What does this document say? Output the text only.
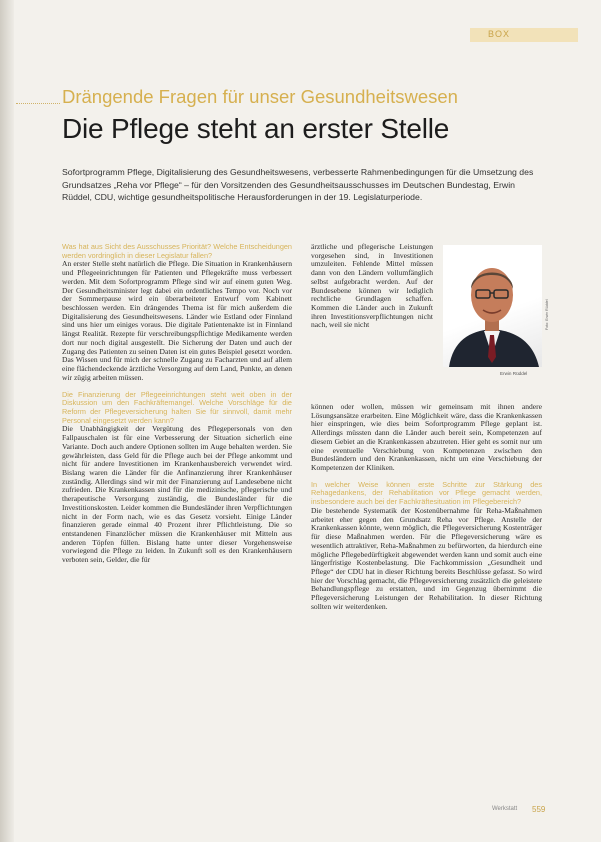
BOX
Drängende Fragen für unser Gesundheitswesen
Die Pflege steht an erster Stelle
Sofortprogramm Pflege, Digitalisierung des Gesundheitswesens, verbesserte Rahmenbedingungen für die Umsetzung des Grundsatzes „Reha vor Pflege“ – für den Vorsitzenden des Gesundheitsausschusses im Deutschen Bundestag, Erwin Rüddel, CDU, wichtige gesundheitspolitische Herausforderungen in der 19. Legislaturperiode.

Was hat aus Sicht des Ausschusses Priorität? Welche Entscheidungen werden vordringlich in dieser Legislatur fallen?

An erster Stelle steht natürlich die Pflege. Die Situation in Krankenhäusern und Pflegeeinrichtungen für Patienten und Pflegekräfte muss verbessert werden. Mit dem Sofortprogramm Pflege sind wir auf einem guten Weg. Der Gesundheitsminister legt dabei ein ordentliches Tempo vor. Noch vor der Sommerpause wird ein überarbeiteter Entwurf vom Kabinett beschlossen werden. Ein drängendes Thema ist für mich außerdem die Digitalisierung des Gesundheitswesens. Länder wie Estland oder Finnland sind uns hier um einiges voraus. Die digitale Patientenakte ist in Finnland längst Realität. Rezepte für verschreibungspflichtige Medikamente werden dort nur noch digital ausgestellt. Die Sicherung der Daten und auch der Zugang des Patienten zu seinen Daten ist ein gutes Beispiel gesetzt worden. Das Wissen und für mich der schnelle Zugang zu Facharzten und auf allem eine flächendeckende ärztliche Versorgung auf dem Land, Punkte, an denen wir zügig arbeiten müssen.

Die Finanzierung der Pflegeeinrichtungen steht weit oben in der Diskussion um den Fachkräftemangel. Welche Vorschläge für die Reform der Pflegeversicherung halten Sie für sinnvoll, damit mehr Personal eingesetzt werden kann?

Die Unabhängigkeit der Vergütung des Pflegepersonals von den Fallpauschalen ist für eine Verbesserung der Situation sicherlich eine Variante. Doch auch andere Optionen sollten im Auge behalten werden. Sie gewährleisten, dass Geld für die Pflege auch bei der Pflege ankommt und nicht für andere Investitionen im Krankenhausbereich verwendet wird. Bislang waren die Länder für die Anfinanzierung ihrer Krankenhäuser zuständig. Allerdings sind wir mit der Finanzierung auf Landesebene nicht zufrieden. Die Krankenkassen sind für die medizinische, pflegerische und therapeutische Versorgung zuständig, die Bundesländer für die Investitionskosten. Leider kommen die Bundesländer ihren Verpflichtungen nicht in der Form nach, wie es das Gesetz vorsieht. Einige Länder finanzieren gerade einmal 40 Prozent ihrer Pflichtleistung. Die so entstandenen Finanzlöcher müssen die Krankenhäuser mit Mitteln aus anderen Töpfen füllen. Bislang hatte unter dieser Vorgehensweise vorwiegend die Pflege zu leiden. In Zukunft soll es den Krankenhäusern verboten sein, Gelder, die für

ärztliche und pflegerische Leistungen vorgesehen sind, in Investitionen umzuleiten. Fehlende Mittel müssen dann von den Ländern vollumfänglich selbst aufgebracht werden. Auf der Bundesebene können wir lediglich rechtliche Grundlagen schaffen. Kommen die Länder auch in Zukunft ihren Investitionsverpflichtungen nicht nach, weil sie nicht	Foto: Erwin Rüddel
Erwin Rüddel

können oder wollen, müssen wir gemeinsam mit ihnen andere Lösungsansätze erarbeiten. Eine Möglichkeit wäre, dass die Krankenkassen hier einspringen, wie dies beim Sofortprogramm Pflege geplant ist. Allerdings müssten dann die Länder auch bereit sein, Kompetenzen auf diesem Gebiet an die Krankenkassen abzutreten. Hier geht es somit nur um eine eventuelle Verschiebung von Kompetenzen zwischen den Bundesländern und den Krankenkassen, nicht um eine Verschiebung der Kompetenzen der Kliniken.

In welcher Weise können erste Schritte zur Stärkung des Rehagedankens, der Rehabilitation vor Pflege gemacht werden, insbesondere auch bei der Fachkräftesituation im Pflegebereich?

Die bestehende Systematik der Kostenübernahme für Reha-Maßnahmen arbeitet eher gegen den Grundsatz Reha vor Pflege. Anstelle der Krankenkassen könnte, wenn möglich, die Pflegeversicherung Kostenträger für diese Maßnahmen werden. Für die Pflegeversicherung wäre es wesentlich attraktiver, Reha-Maßnahmen zu befürworten, da hierdurch eine mögliche Pflegebedürftigkeit abgewendet werden kann und somit auch eine längerfristige Kostenbelastung. Die Fachkommission „Gesundheit und Pflege“ der CDU hat in dieser Richtung bereits Beschlüsse gefasst. So wird hier der Vorschlag gemacht, die Pflegeversicherung zusätzlich die geleistete Behandlungspflege zu erstatten, und im Gegenzug übernimmt die Pflegeversicherung Leistungen der Rehabilitation. In dieser Richtung sollten wir weiterdenken.

Werkstatt 559
